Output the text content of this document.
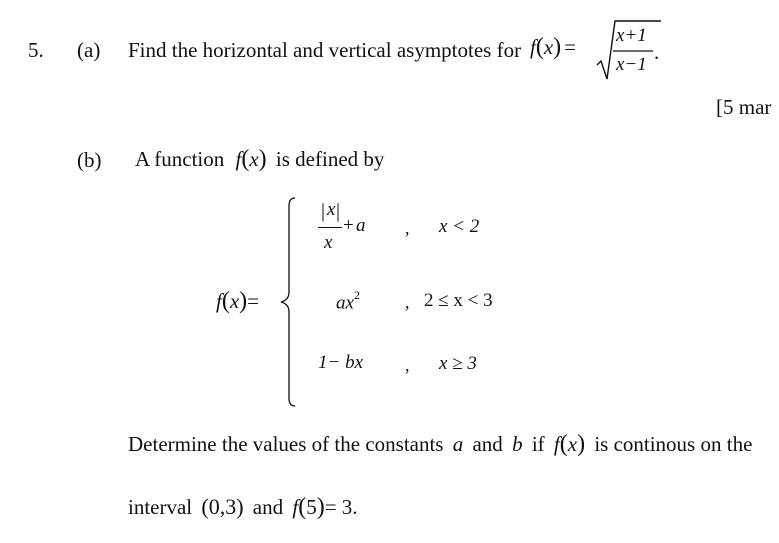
5. (a) Find the horizontal and vertical asymptotes for f(x) = x+1
x−1
.
[5 mar
(b) A function f(x) is defined by
f(x)=
| x |
x
+ a , x < 2
$ax^2$	, 2 ≤ x < 3
1− bx , x ≥ 3
Determine the values of the constants a and b if f(x) is continous on the
interval (0,3) and f(5)= 3.
